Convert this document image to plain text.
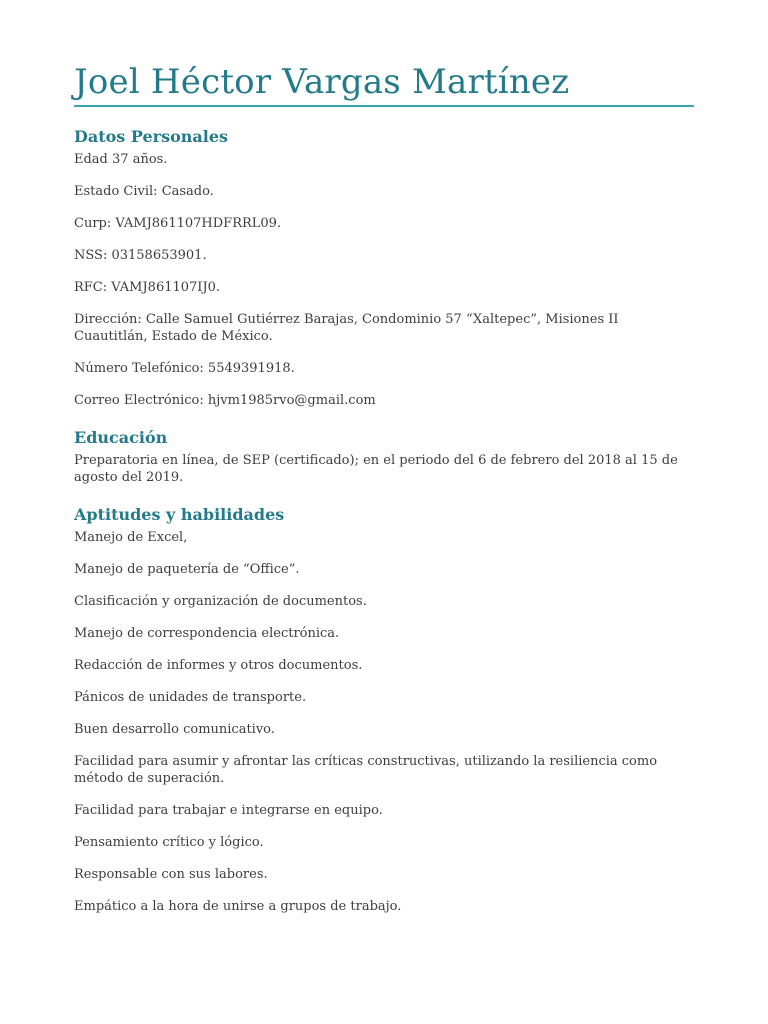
Joel Héctor Vargas Martínez
Datos Personales

Edad 37 años.

Estado Civil: Casado.

Curp: VAMJ861107HDFRRL09.

NSS: 03158653901.

RFC: VAMJ861107IJ0.

Dirección: Calle Samuel Gutiérrez Barajas, Condominio 57 “Xaltepec”, Misiones II Cuautitlán, Estado de México.

Número Telefónico: 5549391918.

Correo Electrónico: hjvm1985rvo@gmail.com

Educación

Preparatoria en línea, de SEP (certificado); en el periodo del 6 de febrero del 2018 al 15 de agosto del 2019.

Aptitudes y habilidades

Manejo de Excel,

Manejo de paquetería de “Office”.

Clasificación y organización de documentos.

Manejo de correspondencia electrónica.

Redacción de informes y otros documentos.

Pánicos de unidades de transporte.

Buen desarrollo comunicativo.

Facilidad para asumir y afrontar las críticas constructivas, utilizando la resiliencia como método de superación.

Facilidad para trabajar e integrarse en equipo.

Pensamiento crítico y lógico.

Responsable con sus labores.

Empático a la hora de unirse a grupos de trabajo.
